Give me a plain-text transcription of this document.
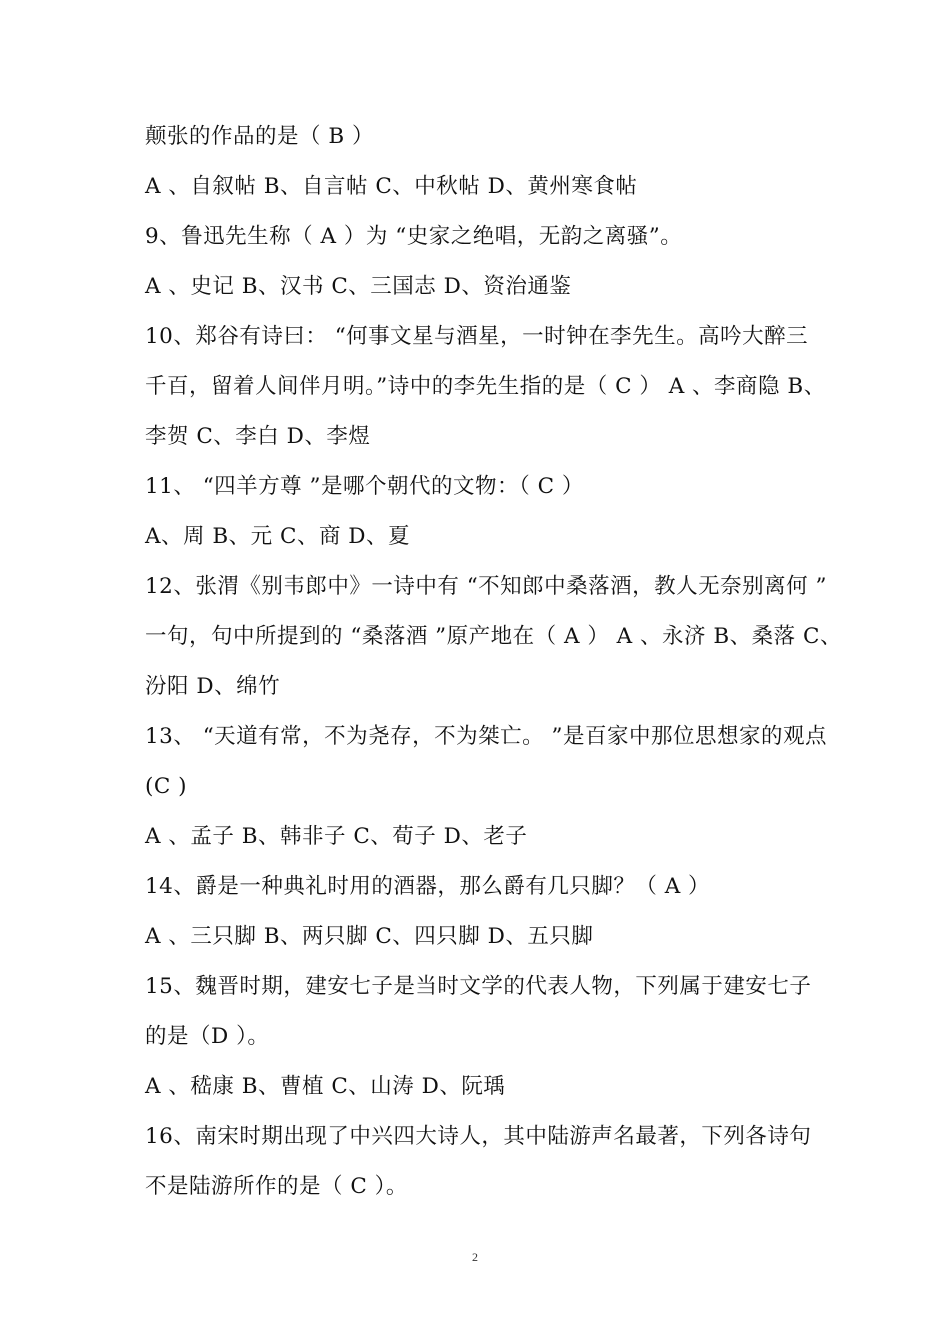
颠张的作品的是（ B ）
A 、自叙帖 B、自言帖 C、中秋帖 D、黄州寒食帖
9、鲁迅先生称（ A ）为 “史家之绝唱，无韵之离骚”。
A 、史记 B、汉书 C、三国志 D、资治通鉴
10、郑谷有诗曰： “何事文星与酒星，一时钟在李先生。高吟大醉三
千百，留着人间伴月明。”诗中的李先生指的是（ C ） A 、李商隐 B、
李贺 C、李白 D、李煜
11、 “四羊方尊 ”是哪个朝代的文物：（ C ）
A、周 B、元 C、商 D、夏
12、张渭《别韦郎中》一诗中有 “不知郎中桑落酒，教人无奈别离何 ”
一句，句中所提到的 “桑落酒 ”原产地在（ A ） A 、永济 B、桑落 C、
汾阳 D、绵竹
13、 “天道有常，不为尧存，不为桀亡。 ”是百家中那位思想家的观点
(C )
A 、孟子 B、韩非子 C、荀子 D、老子
14、爵是一种典礼时用的酒器，那么爵有几只脚？（ A ）
A 、三只脚 B、两只脚 C、四只脚 D、五只脚
15、魏晋时期，建安七子是当时文学的代表人物，下列属于建安七子
的是（D ）。
A 、嵇康 B、曹植 C、山涛 D、阮瑀
16、南宋时期出现了中兴四大诗人，其中陆游声名最著，下列各诗句
不是陆游所作的是（ C ）。
2
